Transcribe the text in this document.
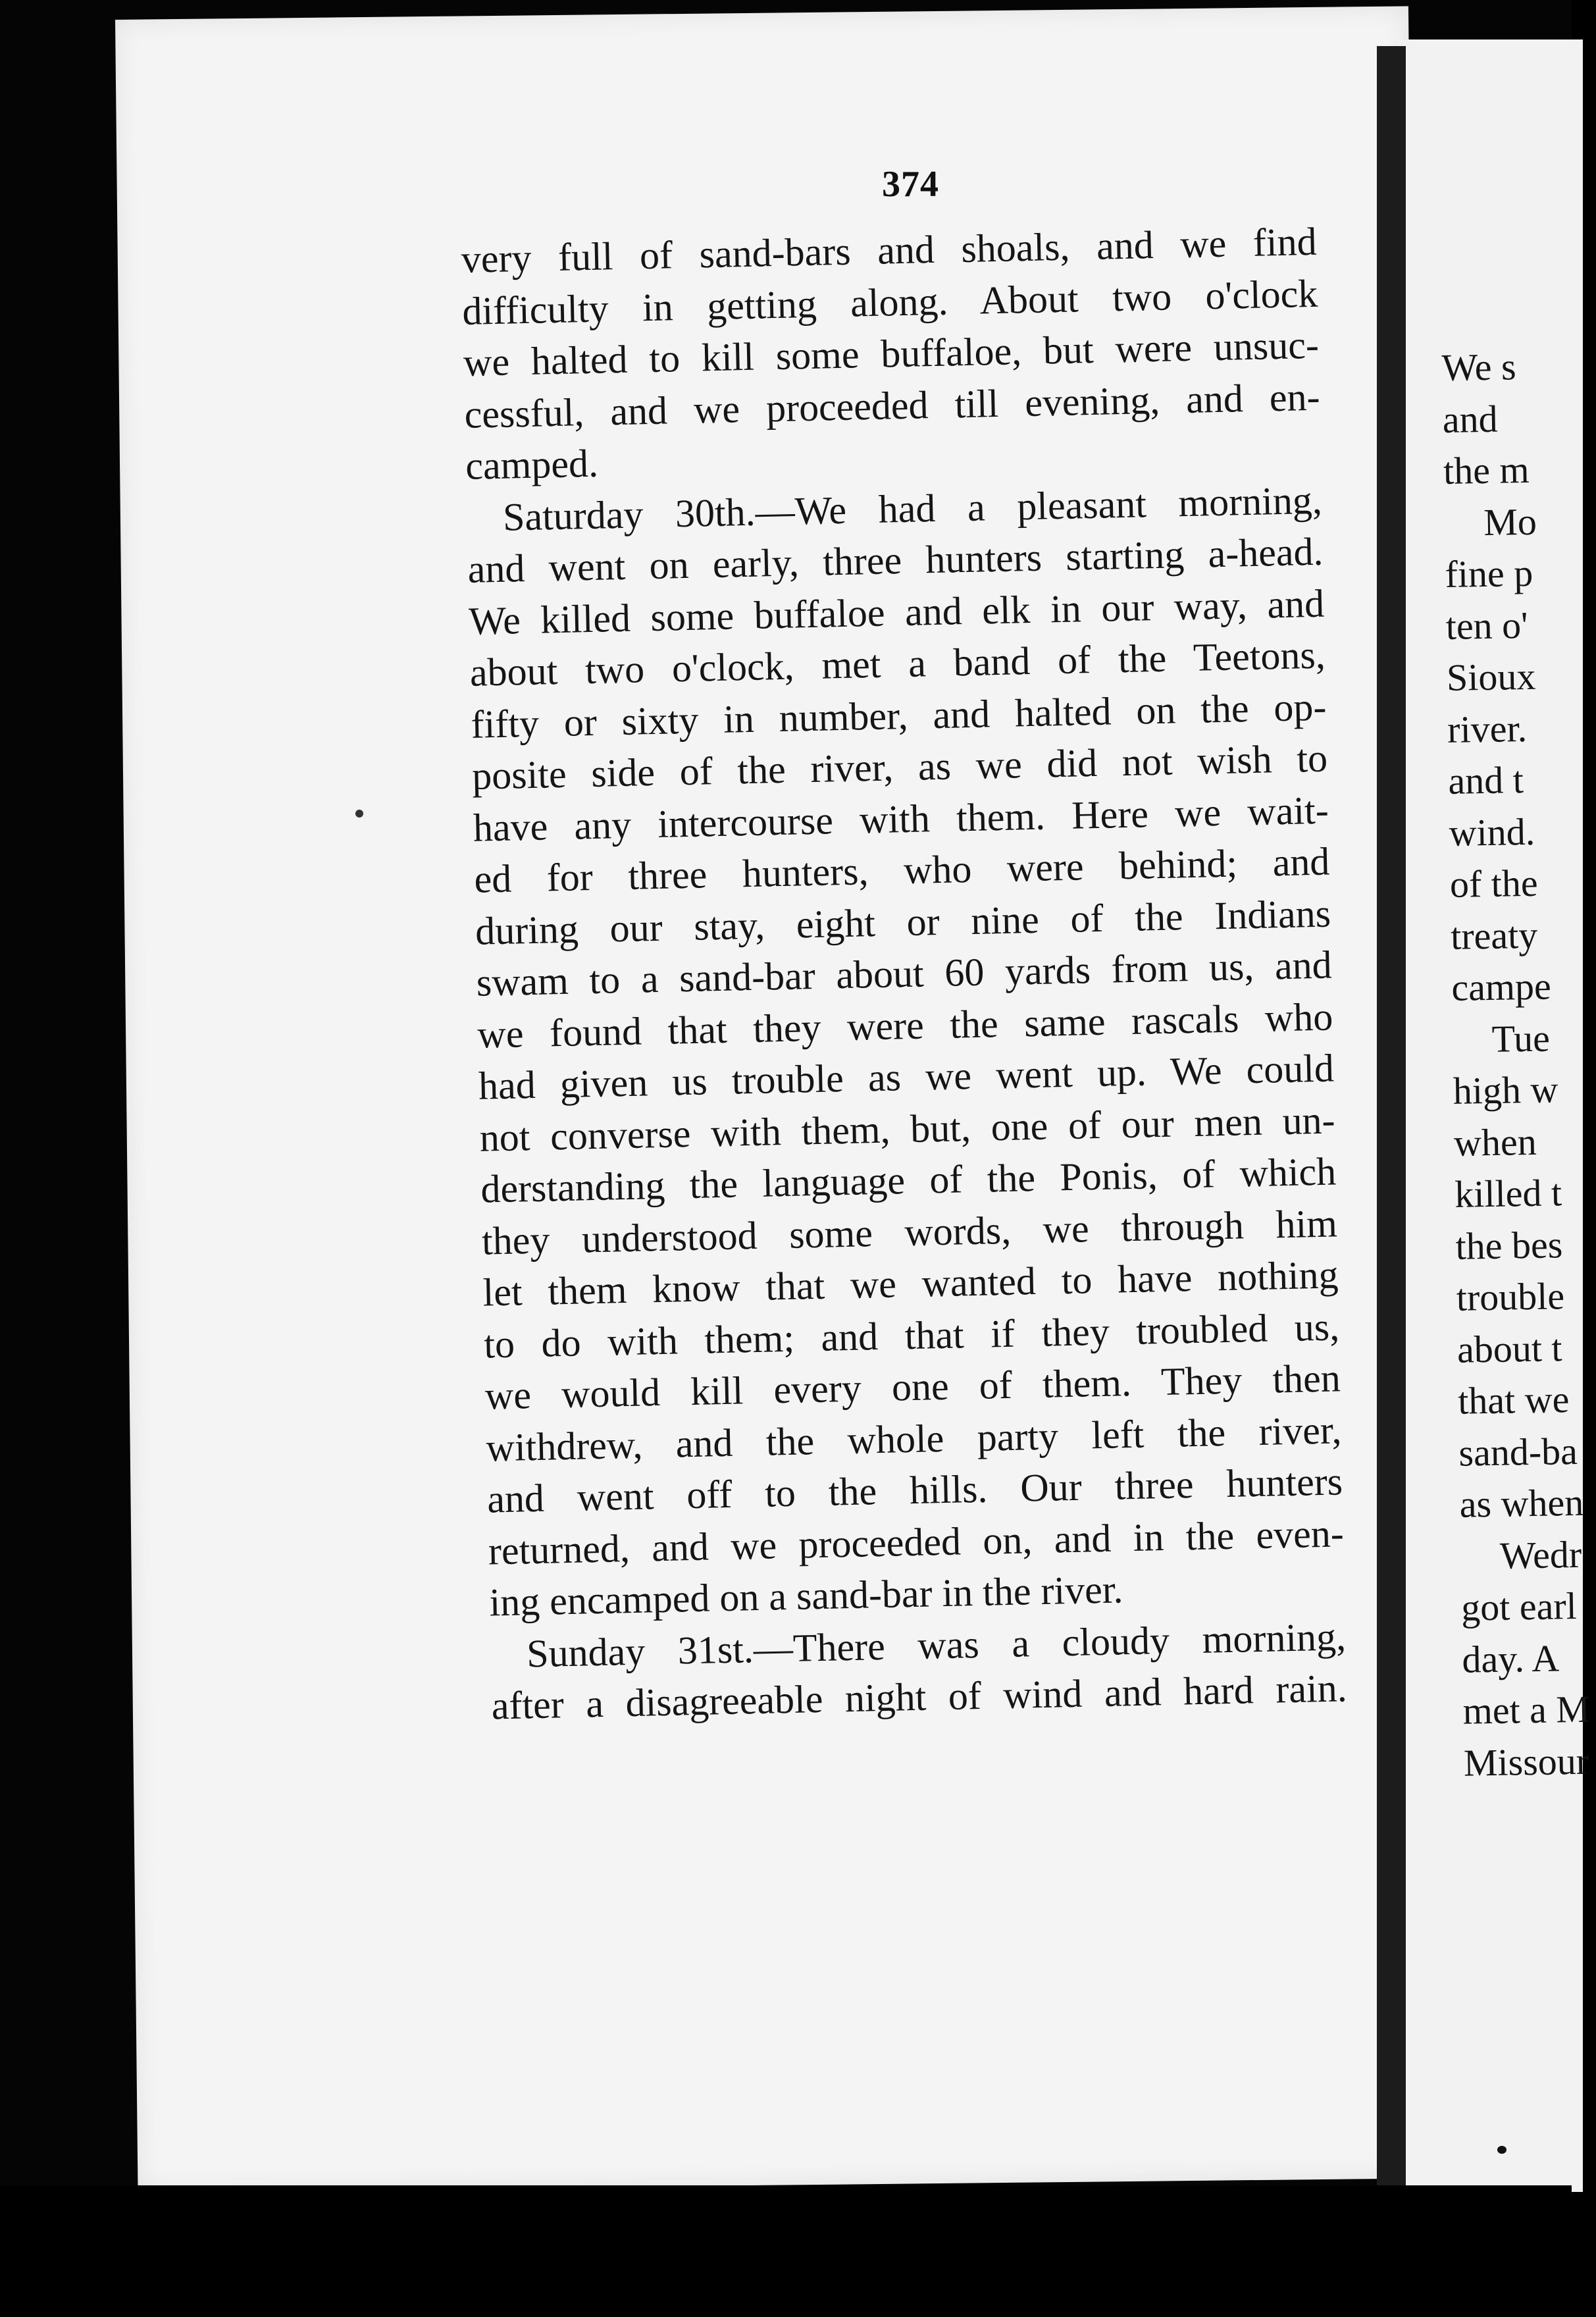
374
very full of sand-bars and shoals, and we find
difficulty in getting along. About two o'clock
we halted to kill some buffaloe, but were unsuc-
cessful, and we proceeded till evening, and en-
camped.
Saturday 30th.—We had a pleasant morning,
and went on early, three hunters starting a-head.
We killed some buffaloe and elk in our way, and
about two o'clock, met a band of the Teetons,
fifty or sixty in number, and halted on the op-
posite side of the river, as we did not wish to
have any intercourse with them. Here we wait-
ed for three hunters, who were behind; and
during our stay, eight or nine of the Indians
swam to a sand-bar about 60 yards from us, and
we found that they were the same rascals who
had given us trouble as we went up. We could
not converse with them, but, one of our men un-
derstanding the language of the Ponis, of which
they understood some words, we through him
let them know that we wanted to have nothing
to do with them; and that if they troubled us,
we would kill every one of them. They then
withdrew, and the whole party left the river,
and went off to the hills. Our three hunters
returned, and we proceeded on, and in the even-
ing encamped on a sand-bar in the river.
Sunday 31st.—There was a cloudy morning,
after a disagreeable night of wind and hard rain.
We s
and
the m
Mo
fine p
ten o'
Sioux
river.
and t
wind.
of the
treaty
campe
Tue
high w
when
killed t
the bes
trouble
about t
that we
sand-ba
as when
Wedr
got earl
day. A
met a M
Missour
